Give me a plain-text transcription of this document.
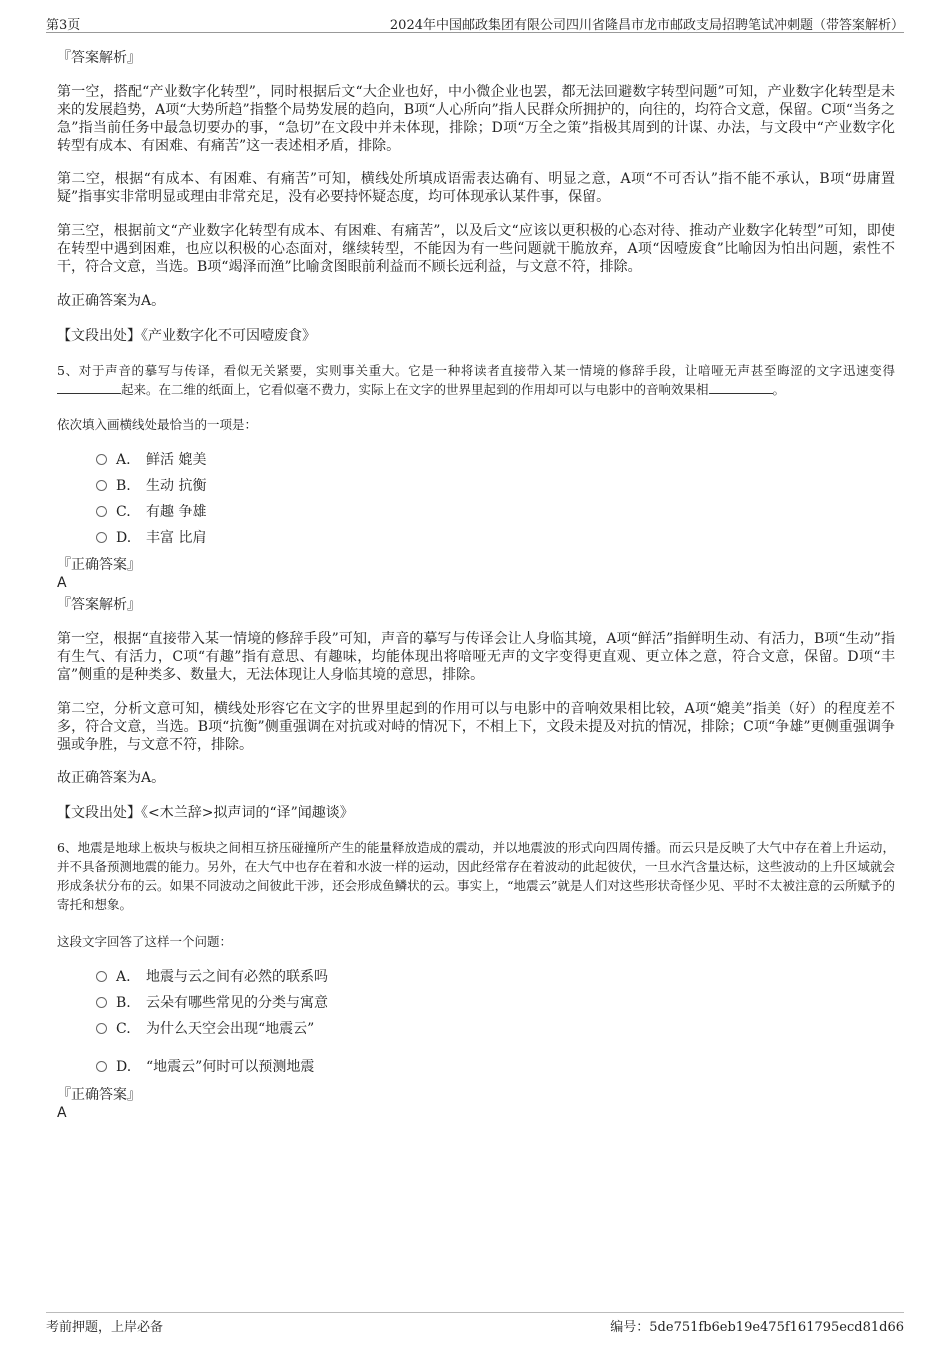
第3页	2024年中国邮政集团有限公司四川省隆昌市龙市邮政支局招聘笔试冲刺题（带答案解析）
『答案解析』

第一空，搭配“产业数字化转型”，同时根据后文“大企业也好，中小微企业也罢，都无法回避数字转型问题”可知，产业数字化转型是未来的发展趋势，A项“大势所趋”指整个局势发展的趋向，B项“人心所向”指人民群众所拥护的，向往的，均符合文意，保留。C项“当务之急”指当前任务中最急切要办的事，“急切”在文段中并未体现，排除；D项“万全之策”指极其周到的计谋、办法，与文段中“产业数字化转型有成本、有困难、有痛苦”这一表述相矛盾，排除。

第二空，根据“有成本、有困难、有痛苦”可知，横线处所填成语需表达确有、明显之意，A项“不可否认”指不能不承认，B项“毋庸置疑”指事实非常明显或理由非常充足，没有必要持怀疑态度，均可体现承认某件事，保留。

第三空，根据前文“产业数字化转型有成本、有困难、有痛苦”，以及后文“应该以更积极的心态对待、推动产业数字化转型”可知，即使在转型中遇到困难，也应以积极的心态面对，继续转型，不能因为有一些问题就干脆放弃，A项“因噎废食”比喻因为怕出问题，索性不干，符合文意，当选。B项“竭泽而渔”比喻贪图眼前利益而不顾长远利益，与文意不符，排除。

故正确答案为A。
【文段出处】《产业数字化不可因噎废食》

5、对于声音的摹写与传译，看似无关紧要，实则事关重大。它是一种将读者直接带入某一情境的修辞手段，让喑哑无声甚至晦涩的文字迅速变得起来。在二维的纸面上，它看似毫不费力，实际上在文字的世界里起到的作用却可以与电影中的音响效果相	。

依次填入画横线处最恰当的一项是：
A. 鲜活 媲美
B. 生动 抗衡
C. 有趣 争雄
D. 丰富 比肩
『正确答案』
A
『答案解析』

第一空，根据“直接带入某一情境的修辞手段”可知，声音的摹写与传译会让人身临其境，A项“鲜活”指鲜明生动、有活力，B项“生动”指有生气、有活力，C项“有趣”指有意思、有趣味，均能体现出将喑哑无声的文字变得更直观、更立体之意，符合文意，保留。D项“丰富”侧重的是种类多、数量大，无法体现让人身临其境的意思，排除。

第二空，分析文意可知，横线处形容它在文字的世界里起到的作用可以与电影中的音响效果相比较，A项“媲美”指美（好）的程度差不多，符合文意，当选。B项“抗衡”侧重强调在对抗或对峙的情况下，不相上下，文段未提及对抗的情况，排除；C项“争雄”更侧重强调争强或争胜，与文意不符，排除。

故正确答案为A。
【文段出处】《<木兰辞>拟声词的“译”闻趣谈》

6、地震是地球上板块与板块之间相互挤压碰撞所产生的能量释放造成的震动，并以地震波的形式向四周传播。而云只是反映了大气中存在着上升运动，并不具备预测地震的能力。另外，在大气中也存在着和水波一样的运动，因此经常存在着波动的此起彼伏，一旦水汽含量达标，这些波动的上升区域就会形成条状分布的云。如果不同波动之间彼此干涉，还会形成鱼鳞状的云。事实上，“地震云”就是人们对这些形状奇怪少见、平时不太被注意的云所赋予的寄托和想象。

这段文字回答了这样一个问题：
A. 地震与云之间有必然的联系吗
B. 云朵有哪些常见的分类与寓意
C. 为什么天空会出现“地震云”
D. “地震云”何时可以预测地震
『正确答案』
A
考前押题，上岸必备	编号：5de751fb6eb19e475f161795ecd81d66
